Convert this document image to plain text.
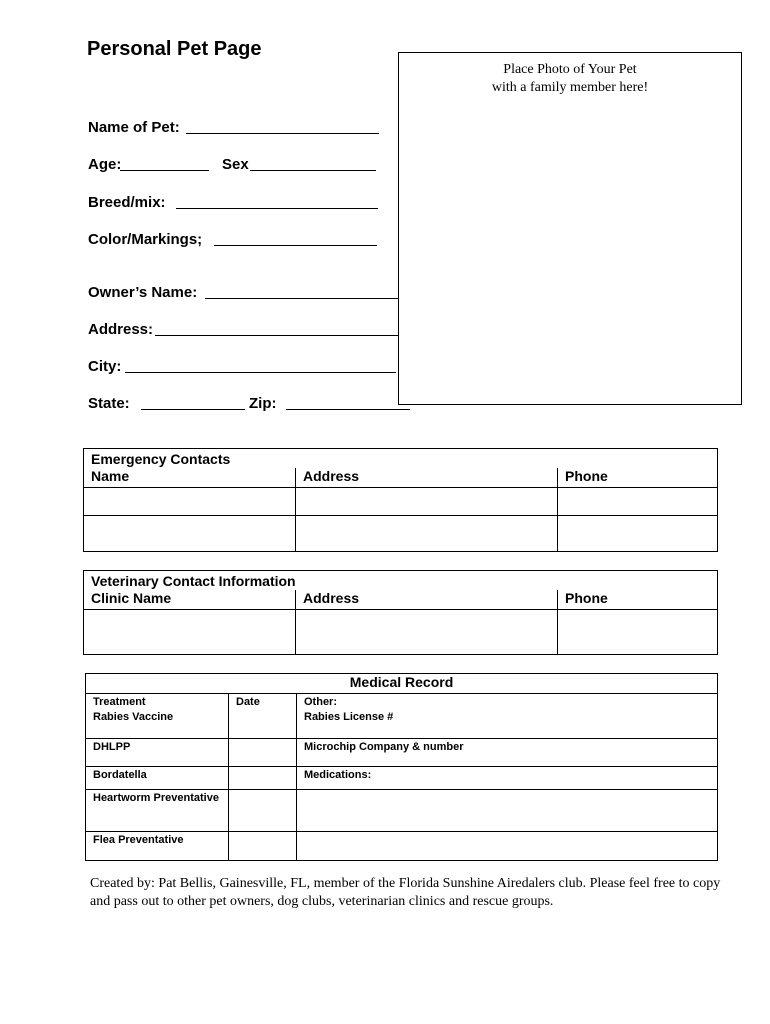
Personal Pet Page
Place Photo of Your Pet
with a family member here!
Name of Pet:
Age:	Sex
Breed/mix:
Color/Markings;
Owner’s Name:
Address:
City:
State:	Zip:
Emergency Contacts		
Name	Address	Phone

Veterinary Contact Information		
Clinic Name	Address	Phone

Medical Record		
Treatment	Date	Other:
Rabies Vaccine		Rabies License #
DHLPP		Microchip Company & number
Bordatella		Medications:
Heartworm Preventative		
Flea Preventative		
Created by: Pat Bellis, Gainesville, FL, member of the Florida Sunshine Airedalers club. Please feel free to copy and pass out to other pet owners, dog clubs, veterinarian clinics and rescue groups.
